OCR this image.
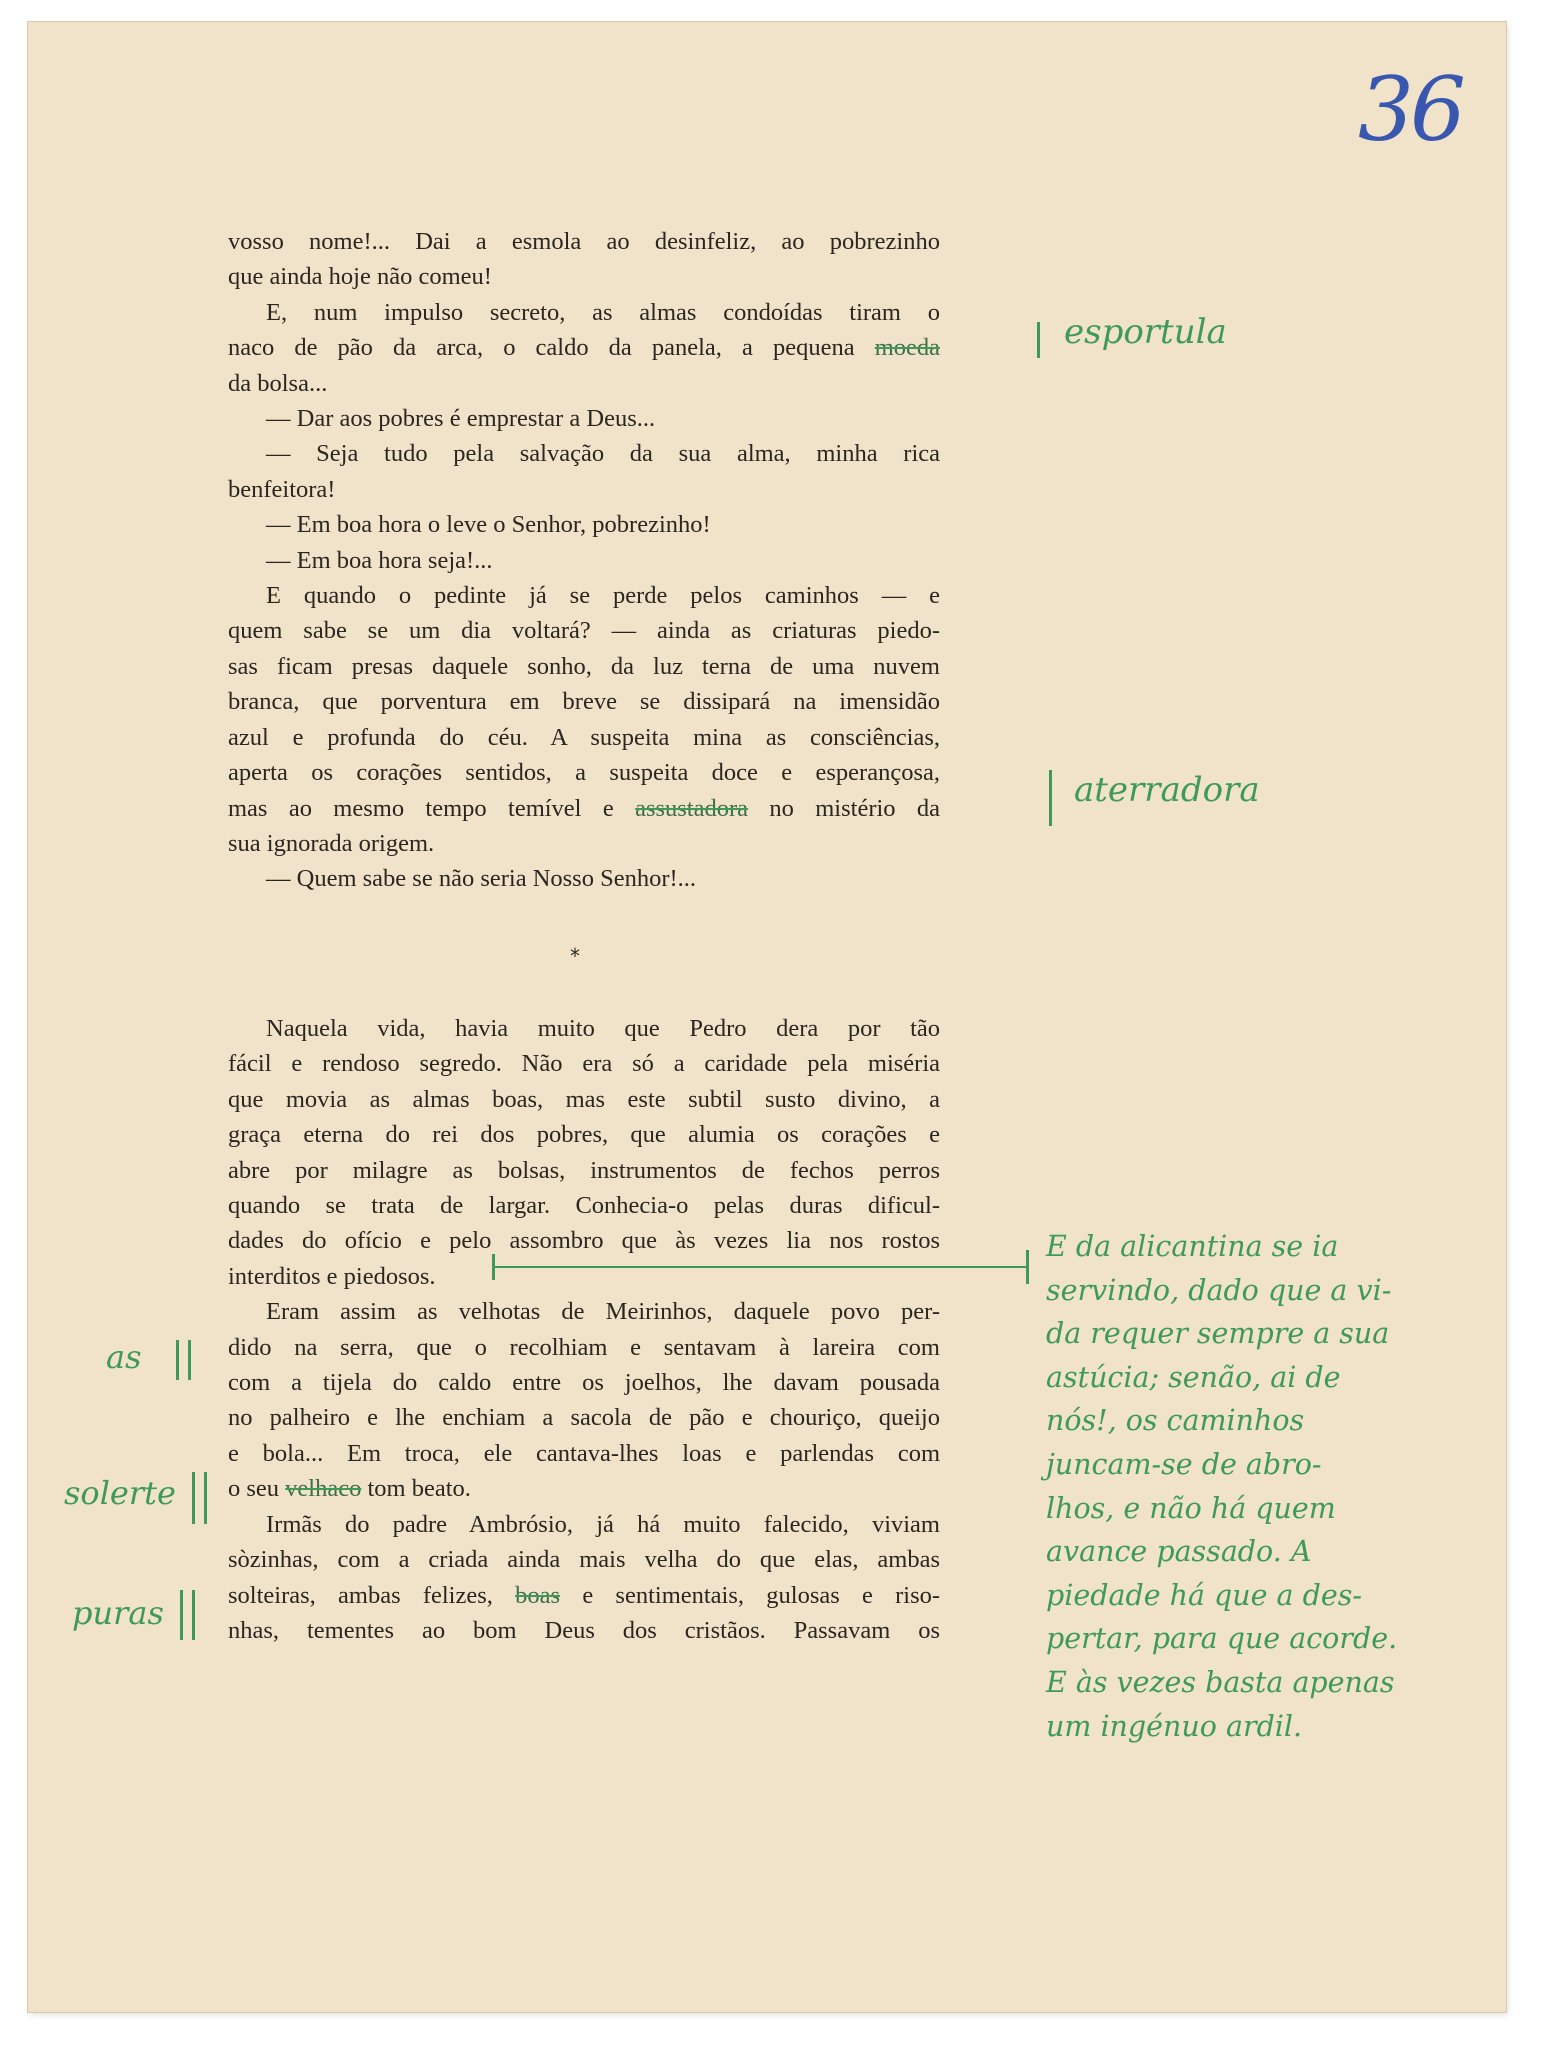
36
vosso nome!... Dai a esmola ao desinfeliz, ao pobrezinho
que ainda hoje não comeu!
E, num impulso secreto, as almas condoídas tiram o
naco de pão da arca, o caldo da panela, a pequena moeda
da bolsa...
— Dar aos pobres é emprestar a Deus...
— Seja tudo pela salvação da sua alma, minha rica
benfeitora!
— Em boa hora o leve o Senhor, pobrezinho!
— Em boa hora seja!...
E quando o pedinte já se perde pelos caminhos — e
quem sabe se um dia voltará? — ainda as criaturas piedo-
sas ficam presas daquele sonho, da luz terna de uma nuvem
branca, que porventura em breve se dissipará na imensidão
azul e profunda do céu. A suspeita mina as consciências,
aperta os corações sentidos, a suspeita doce e esperançosa,
mas ao mesmo tempo temível e assustadora no mistério da
sua ignorada origem.
— Quem sabe se não seria Nosso Senhor!...
*
Naquela vida, havia muito que Pedro dera por tão
fácil e rendoso segredo. Não era só a caridade pela miséria
que movia as almas boas, mas este subtil susto divino, a
graça eterna do rei dos pobres, que alumia os corações e
abre por milagre as bolsas, instrumentos de fechos perros
quando se trata de largar. Conhecia-o pelas duras dificul-
dades do ofício e pelo assombro que às vezes lia nos rostos
interditos e piedosos.
Eram assim as velhotas de Meirinhos, daquele povo per-
dido na serra, que o recolhiam e sentavam à lareira com
com a tijela do caldo entre os joelhos, lhe davam pousada
no palheiro e lhe enchiam a sacola de pão e chouriço, queijo
e bola... Em troca, ele cantava-lhes loas e parlendas com
o seu velhaco tom beato.
Irmãs do padre Ambrósio, já há muito falecido, viviam
sòzinhas, com a criada ainda mais velha do que elas, ambas
solteiras, ambas felizes, boas e sentimentais, gulosas e riso-
nhas, tementes ao bom Deus dos cristãos. Passavam os
esportula
aterradora
E da alicantina se ia
servindo, dado que a vi-
da requer sempre a sua
astúcia; senão, ai de
nós!, os caminhos
juncam-se de abro-
lhos, e não há quem
avance passado. A
piedade há que a des-
pertar, para que acorde.
E às vezes basta apenas
um ingénuo ardil.
as
solerte
puras
